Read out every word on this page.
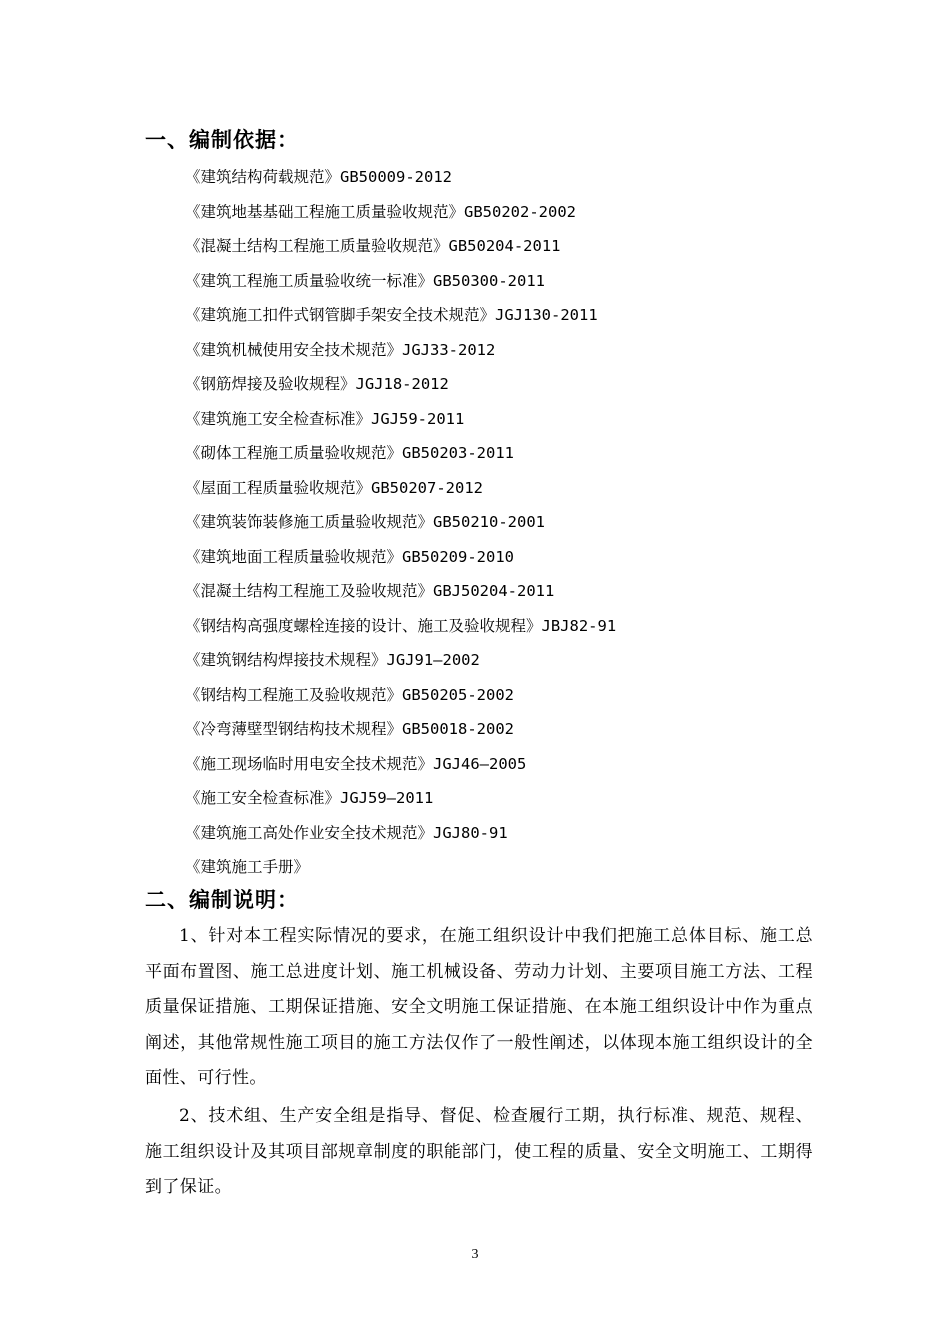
一、编制依据：
《建筑结构荷载规范》GB50009-2012
《建筑地基基础工程施工质量验收规范》GB50202-2002
《混凝土结构工程施工质量验收规范》GB50204-2011
《建筑工程施工质量验收统一标准》GB50300-2011
《建筑施工扣件式钢管脚手架安全技术规范》JGJ130-2011
《建筑机械使用安全技术规范》JGJ33-2012
《钢筋焊接及验收规程》JGJ18-2012
《建筑施工安全检查标准》JGJ59-2011
《砌体工程施工质量验收规范》GB50203-2011
《屋面工程质量验收规范》GB50207-2012
《建筑装饰装修施工质量验收规范》GB50210-2001
《建筑地面工程质量验收规范》GB50209-2010
《混凝土结构工程施工及验收规范》GBJ50204-2011
《钢结构高强度螺栓连接的设计、施工及验收规程》JBJ82-91
《建筑钢结构焊接技术规程》JGJ91—2002
《钢结构工程施工及验收规范》GB50205-2002
《冷弯薄壁型钢结构技术规程》GB50018-2002
《施工现场临时用电安全技术规范》JGJ46—2005
《施工安全检查标准》JGJ59—2011
《建筑施工高处作业安全技术规范》JGJ80-91
《建筑施工手册》
二、编制说明：

1、针对本工程实际情况的要求，在施工组织设计中我们把施工总体目标、施工总平面布置图、施工总进度计划、施工机械设备、劳动力计划、主要项目施工方法、工程质量保证措施、工期保证措施、安全文明施工保证措施、在本施工组织设计中作为重点阐述，其他常规性施工项目的施工方法仅作了一般性阐述，以体现本施工组织设计的全面性、可行性。

2、技术组、生产安全组是指导、督促、检查履行工期，执行标准、规范、规程、施工组织设计及其项目部规章制度的职能部门，使工程的质量、安全文明施工、工期得到了保证。

3
